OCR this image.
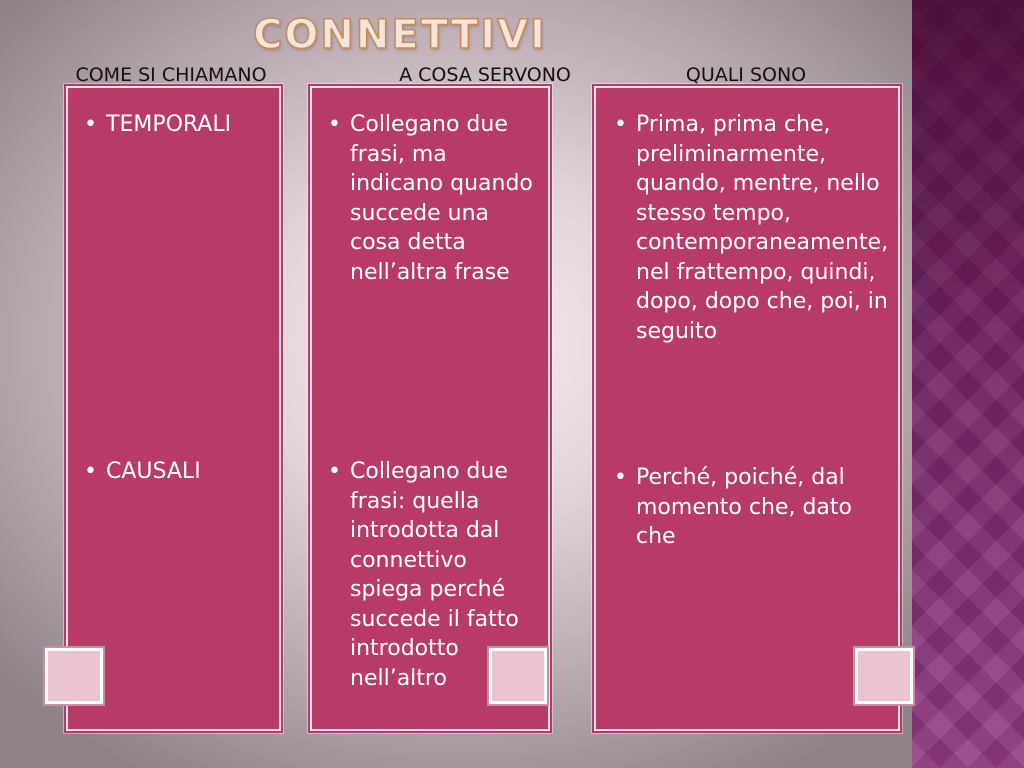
CONNETTIVI
COME SI CHIAMANO	A COSA SERVONO	QUALI SONO
• TEMPORALI
• CAUSALI
• Collegano due frasi, ma indicano quando succede una cosa detta nell’altra frase
• Collegano due frasi: quella introdotta dal connettivo spiega perché succede il fatto introdotto nell’altro
• Prima, prima che, preliminarmente, quando, mentre, nello stesso tempo, contemporaneamente, nel frattempo, quindi, dopo, dopo che, poi, in seguito
• Perché, poiché, dal momento che, dato che
